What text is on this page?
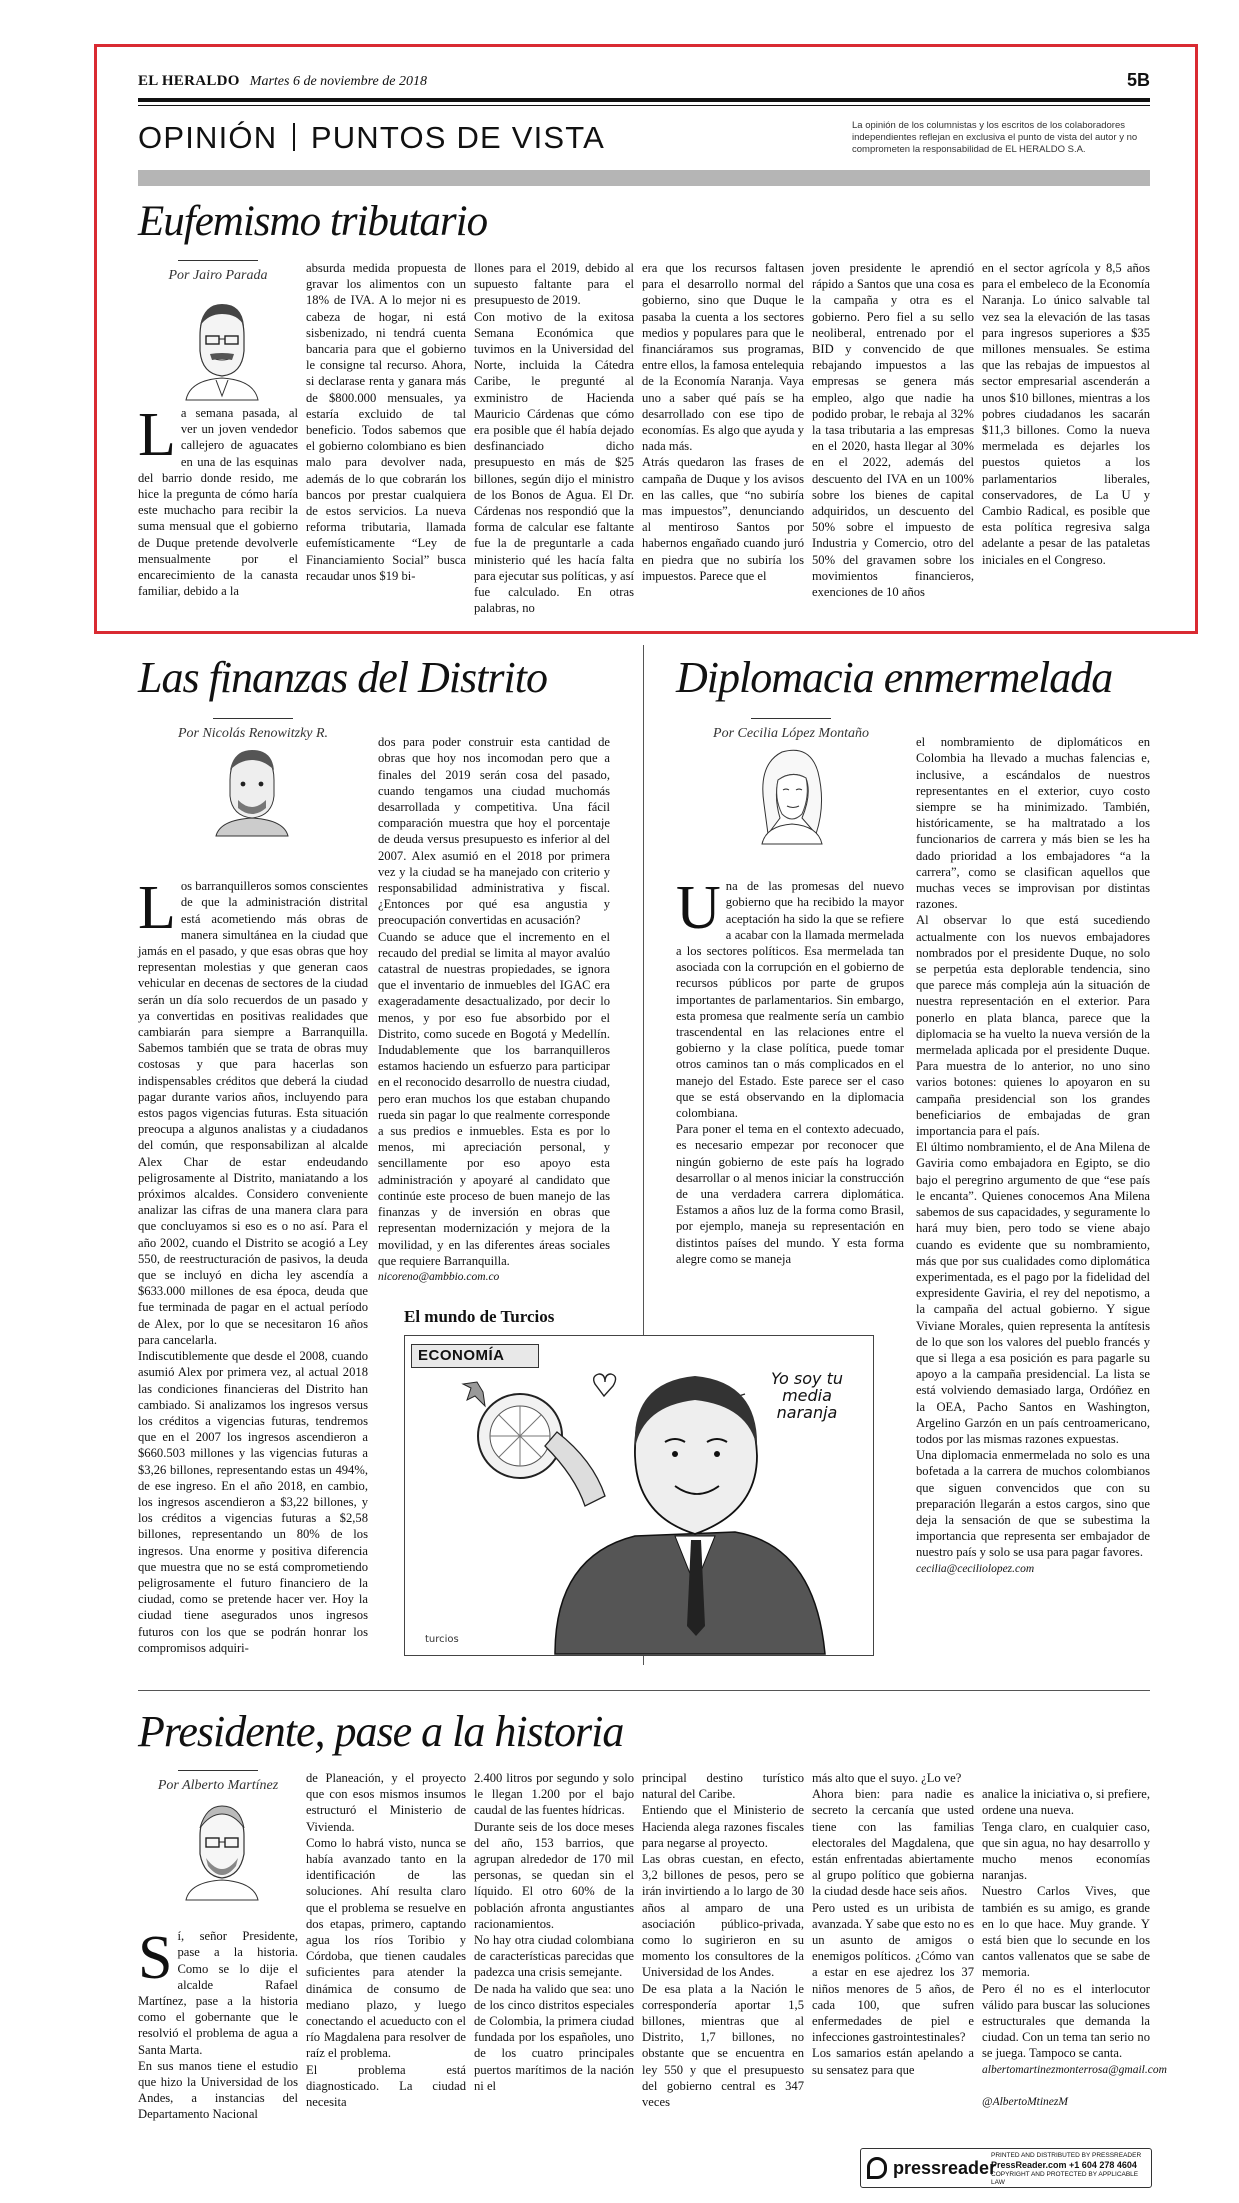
EL HERALDO Martes 6 de noviembre de 2018	5B
OPINIÓN PUNTOS DE VISTA	La opinión de los columnistas y los escritos de los colaboradores independientes reflejan en exclusiva el punto de vista del autor y no comprometen la responsabilidad de EL HERALDO S.A.
Eufemismo tributario
Por Jairo Parada
La semana pasada, al ver un joven vendedor callejero de aguacates en una de las esquinas del barrio donde resido, me hice la pregunta de cómo haría este muchacho para recibir la suma mensual que el gobierno de Duque pretende devolverle mensualmente por el encarecimiento de la canasta familiar, debido a la
absurda medida propuesta de gravar los alimentos con un 18% de IVA. A lo mejor ni es cabeza de hogar, ni está sisbenizado, ni tendrá cuenta bancaria para que el gobierno le consigne tal recurso. Ahora, si declarase renta y ganara más de $800.000 mensuales, ya estaría excluido de tal beneficio. Todos sabemos que el gobierno colombiano es bien malo para devolver nada, además de lo que cobrarán los bancos por prestar cualquiera de estos servicios. La nueva reforma tributaria, llamada eufemísticamente “Ley de Financiamiento Social” busca recaudar unos $19 bi-
llones para el 2019, debido al supuesto faltante para el presupuesto de 2019.
Con motivo de la exitosa Semana Económica que tuvimos en la Universidad del Norte, incluida la Cátedra Caribe, le pregunté al exministro de Hacienda Mauricio Cárdenas que cómo era posible que él había dejado desfinanciado dicho presupuesto en más de $25 billones, según dijo el ministro de los Bonos de Agua. El Dr. Cárdenas nos respondió que la forma de calcular ese faltante fue la de preguntarle a cada ministerio qué les hacía falta para ejecutar sus políticas, y así fue calculado. En otras palabras, no
era que los recursos faltasen para el desarrollo normal del gobierno, sino que Duque le pasaba la cuenta a los sectores medios y populares para que le financiáramos sus programas, entre ellos, la famosa entelequia de la Economía Naranja. Vaya uno a saber qué país se ha desarrollado con ese tipo de economías. Es algo que ayuda y nada más.
Atrás quedaron las frases de campaña de Duque y los avisos en las calles, que “no subiría mas impuestos”, denunciando al mentiroso Santos por habernos engañado cuando juró en piedra que no subiría los impuestos. Parece que el
joven presidente le aprendió rápido a Santos que una cosa es la campaña y otra es el gobierno. Pero fiel a su sello neoliberal, entrenado por el BID y convencido de que rebajando impuestos a las empresas se genera más empleo, algo que nadie ha podido probar, le rebaja al 32% la tasa tributaria a las empresas en el 2020, hasta llegar al 30% en el 2022, además del descuento del IVA en un 100% sobre los bienes de capital adquiridos, un descuento del 50% sobre el impuesto de Industria y Comercio, otro del 50% del gravamen sobre los movimientos financieros, exenciones de 10 años
en el sector agrícola y 8,5 años para el embeleco de la Economía Naranja. Lo único salvable tal vez sea la elevación de las tasas para ingresos superiores a $35 millones mensuales. Se estima que las rebajas de impuestos al sector empresarial ascenderán a unos $10 billones, mientras a los pobres ciudadanos les sacarán $11,3 billones. Como la nueva mermelada es dejarles los puestos quietos a los parlamentarios liberales, conservadores, de La U y Cambio Radical, es posible que esta política regresiva salga adelante a pesar de las pataletas iniciales en el Congreso.
Las finanzas del Distrito
Por Nicolás Renowitzky R.

Los barranquilleros somos conscientes de que la administración distrital está acometiendo más obras de manera simultánea en la ciudad que jamás en el pasado, y que esas obras que hoy representan molestias y que generan caos vehicular en decenas de sectores de la ciudad serán un día solo recuerdos de un pasado y ya convertidas en positivas realidades que cambiarán para siempre a Barranquilla. Sabemos también que se trata de obras muy costosas y que para hacerlas son indispensables créditos que deberá la ciudad pagar durante varios años, incluyendo para estos pagos vigencias futuras. Esta situación preocupa a algunos analistas y a ciudadanos del común, que responsabilizan al alcalde Alex Char de estar endeudando peligrosamente al Distrito, maniatando a los próximos alcaldes. Considero conveniente analizar las cifras de una manera clara para que concluyamos si eso es o no así. Para el año 2002, cuando el Distrito se acogió a Ley 550, de reestructuración de pasivos, la deuda que se incluyó en dicha ley ascendía a $633.000 millones de esa época, deuda que fue terminada de pagar en el actual período de Alex, por lo que se necesitaron 16 años para cancelarla.
Indiscutiblemente que desde el 2008, cuando asumió Alex por primera vez, al actual 2018 las condiciones financieras del Distrito han cambiado. Si analizamos los ingresos versus los créditos a vigencias futuras, tendremos que en el 2007 los ingresos ascendieron a $660.503 millones y las vigencias futuras a $3,26 billones, representando estas un 494%, de ese ingreso. En el año 2018, en cambio, los ingresos ascendieron a $3,22 billones, y los créditos a vigencias futuras a $2,58 billones, representando un 80% de los ingresos. Una enorme y positiva diferencia que muestra que no se está comprometiendo peligrosamente el futuro financiero de la ciudad, como se pretende hacer ver. Hoy la ciudad tiene asegurados unos ingresos futuros con los que se podrán honrar los compromisos adquiri-

dos para poder construir esta cantidad de obras que hoy nos incomodan pero que a finales del 2019 serán cosa del pasado, cuando tengamos una ciudad muchomás desarrollada y competitiva. Una fácil comparación muestra que hoy el porcentaje de deuda versus presupuesto es inferior al del 2007. Alex asumió en el 2018 por primera vez y la ciudad se ha manejado con criterio y responsabilidad administrativa y fiscal. ¿Entonces por qué esa angustia y preocupación convertidas en acusación?
Cuando se aduce que el incremento en el recaudo del predial se limita al mayor avalúo catastral de nuestras propiedades, se ignora que el inventario de inmuebles del IGAC era exageradamente desactualizado, por decir lo menos, y por eso fue absorbido por el Distrito, como sucede en Bogotá y Medellín. Indudablemente que los barranquilleros estamos haciendo un esfuerzo para participar en el reconocido desarrollo de nuestra ciudad, pero eran muchos los que estaban chupando rueda sin pagar lo que realmente corresponde a sus predios e inmuebles. Esta es por lo menos, mi apreciación personal, y sencillamente por eso apoyo esta administración y apoyaré al candidato que continúe este proceso de buen manejo de las finanzas y de inversión en obras que representan modernización y mejora de la movilidad, y en las diferentes áreas sociales que requiere Barranquilla.

nicoreno@ambbio.com.co

Diplomacia enmermelada
Por Cecilia López Montaño

Una de las promesas del nuevo gobierno que ha recibido la mayor aceptación ha sido la que se refiere a acabar con la llamada mermelada a los sectores políticos. Esa mermelada tan asociada con la corrupción en el gobierno de recursos públicos por parte de grupos importantes de parlamentarios. Sin embargo, esta promesa que realmente sería un cambio trascendental en las relaciones entre el gobierno y la clase política, puede tomar otros caminos tan o más complicados en el manejo del Estado. Este parece ser el caso que se está observando en la diplomacia colombiana.
Para poner el tema en el contexto adecuado, es necesario empezar por reconocer que ningún gobierno de este país ha logrado desarrollar o al menos iniciar la construcción de una verdadera carrera diplomática. Estamos a años luz de la forma como Brasil, por ejemplo, maneja su representación en distintos países del mundo. Y esta forma alegre como se maneja

el nombramiento de diplomáticos en Colombia ha llevado a muchas falencias e, inclusive, a escándalos de nuestros representantes en el exterior, cuyo costo siempre se ha minimizado. También, históricamente, se ha maltratado a los funcionarios de carrera y más bien se les ha dado prioridad a los embajadores “a la carrera”, como se clasifican aquellos que muchas veces se improvisan por distintas razones.
Al observar lo que está sucediendo actualmente con los nuevos embajadores nombrados por el presidente Duque, no solo se perpetúa esta deplorable tendencia, sino que parece más compleja aún la situación de nuestra representación en el exterior. Para ponerlo en plata blanca, parece que la diplomacia se ha vuelto la nueva versión de la mermelada aplicada por el presidente Duque. Para muestra de lo anterior, no uno sino varios botones: quienes lo apoyaron en su campaña presidencial son los grandes beneficiarios de embajadas de gran importancia para el país.
El último nombramiento, el de Ana Milena de Gaviria como embajadora en Egipto, se dio bajo el peregrino argumento de que “ese país le encanta”. Quienes conocemos Ana Milena sabemos de sus capacidades, y seguramente lo hará muy bien, pero todo se viene abajo cuando es evidente que su nombramiento, más que por sus cualidades como diplomática experimentada, es el pago por la fidelidad del expresidente Gaviria, el rey del nepotismo, a la campaña del actual gobierno. Y sigue Viviane Morales, quien representa la antítesis de lo que son los valores del pueblo francés y que si llega a esa posición es para pagarle su apoyo a la campaña presidencial. La lista se está volviendo demasiado larga, Ordóñez en la OEA, Pacho Santos en Washington, Argelino Garzón en un país centroamericano, todos por las mismas razones expuestas.
Una diplomacia enmermelada no solo es una bofetada a la carrera de muchos colombianos que siguen convencidos que con su preparación llegarán a estos cargos, sino que deja la sensación de que se subestima la importancia que representa ser embajador de nuestro país y solo se usa para pagar favores.

cecilia@ceciliolopez.com

El mundo de Turcios
ECONOMÍA
turcios
Yo soy tu media naranja
Presidente, pase a la historia
Por Alberto Martínez

Sí, señor Presidente, pase a la historia. Como se lo dije el alcalde Rafael Martínez, pase a la historia como el gobernante que le resolvió el problema de agua a Santa Marta.
En sus manos tiene el estudio que hizo la Universidad de los Andes, a instancias del Departamento Nacional

de Planeación, y el proyecto que con esos mismos insumos estructuró el Ministerio de Vivienda.
Como lo habrá visto, nunca se había avanzado tanto en la identificación de las soluciones. Ahí resulta claro que el problema se resuelve en dos etapas, primero, captando agua los ríos Toribio y Córdoba, que tienen caudales suficientes para atender la dinámica de consumo de mediano plazo, y luego conectando el acueducto con el río Magdalena para resolver de raíz el problema.
El problema está diagnosticado. La ciudad necesita
2.400 litros por segundo y solo le llegan 1.200 por el bajo caudal de las fuentes hídricas.
Durante seis de los doce meses del año, 153 barrios, que agrupan alrededor de 170 mil personas, se quedan sin el líquido. El otro 60% de la población afronta angustiantes racionamientos.
No hay otra ciudad colombiana de características parecidas que padezca una crisis semejante.
De nada ha valido que sea: uno de los cinco distritos especiales de Colombia, la primera ciudad fundada por los españoles, uno de los cuatro principales puertos marítimos de la nación ni el
principal destino turístico natural del Caribe.
Entiendo que el Ministerio de Hacienda alega razones fiscales para negarse al proyecto.
Las obras cuestan, en efecto, 3,2 billones de pesos, pero se irán invirtiendo a lo largo de 30 años al amparo de una asociación público-privada, como lo sugirieron en su momento los consultores de la Universidad de los Andes.
De esa plata a la Nación le correspondería aportar 1,5 billones, mientras que al Distrito, 1,7 billones, no obstante que se encuentra en ley 550 y que el presupuesto del gobierno central es 347 veces
más alto que el suyo. ¿Lo ve?
Ahora bien: para nadie es secreto la cercanía que usted tiene con las familias electorales del Magdalena, que están enfrentadas abiertamente al grupo político que gobierna la ciudad desde hace seis años.
Pero usted es un uribista de avanzada. Y sabe que esto no es un asunto de amigos o enemigos políticos. ¿Cómo van a estar en ese ajedrez los 37 niños menores de 5 años, de cada 100, que sufren enfermedades de piel e infecciones gastrointestinales?
Los samarios están apelando a su sensatez para que

analice la iniciativa o, si prefiere, ordene una nueva.
Tenga claro, en cualquier caso, que sin agua, no hay desarrollo y mucho menos economías naranjas.
Nuestro Carlos Vives, que también es su amigo, es grande en lo que hace. Muy grande. Y está bien que lo secunde en los cantos vallenatos que se sabe de memoria.
Pero él no es el interlocutor válido para buscar las soluciones estructurales que demanda la ciudad. Con un tema tan serio no se juega. Tampoco se canta.

albertomartinezmonterrosa@gmail.com

@AlbertoMtinezM

pressreader
PRINTED AND DISTRIBUTED BY PRESSREADER
PressReader.com +1 604 278 4604
COPYRIGHT AND PROTECTED BY APPLICABLE LAW
